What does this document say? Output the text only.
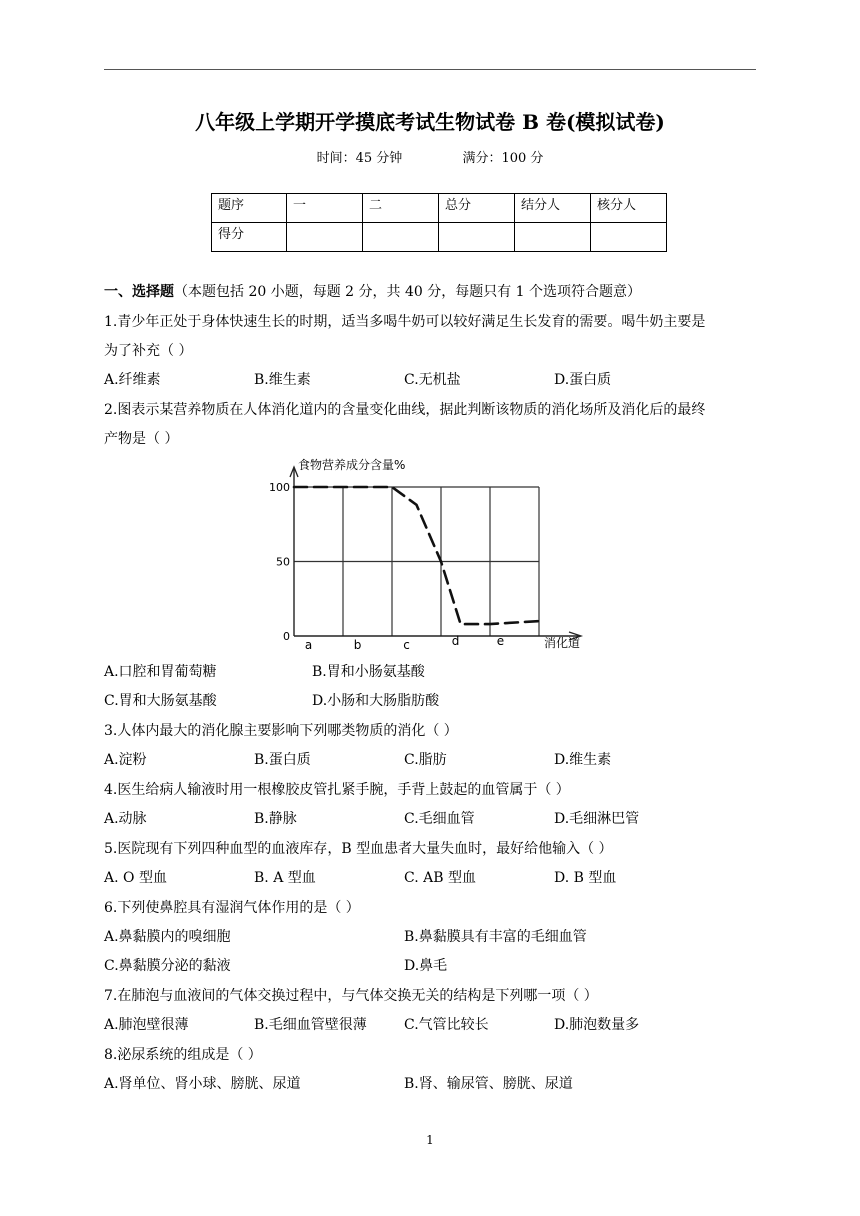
八年级上学期开学摸底考试生物试卷 B 卷(模拟试卷)
时间：45 分钟	满分：100 分
题序	一	二	总分	结分人	核分人
得分					
一、选择题（本题包括 20 小题，每题 2 分，共 40 分，每题只有 1 个选项符合题意）
1.青少年正处于身体快速生长的时期，适当多喝牛奶可以较好满足生长发育的需要。喝牛奶主要是
为了补充（ ）
A.纤维素	B.维生素	C.无机盐	D.蛋白质
2.图表示某营养物质在人体消化道内的含量变化曲线，据此判断该物质的消化场所及消化后的最终
产物是（ ）
0
50
100
a	b	c	d	e
食物营养成分含量%
消化道
A.口腔和胃葡萄糖	B.胃和小肠氨基酸
C.胃和大肠氨基酸	D.小肠和大肠脂肪酸
3.人体内最大的消化腺主要影响下列哪类物质的消化（ ）
A.淀粉	B.蛋白质	C.脂肪	D.维生素
4.医生给病人输液时用一根橡胶皮管扎紧手腕，手背上鼓起的血管属于（ ）
A.动脉	B.静脉	C.毛细血管	D.毛细淋巴管
5.医院现有下列四种血型的血液库存，B 型血患者大量失血时，最好给他输入（ ）
A. O 型血	B. A 型血	C. AB 型血	D. B 型血
6.下列使鼻腔具有湿润气体作用的是（ ）
A.鼻黏膜内的嗅细胞	B.鼻黏膜具有丰富的毛细血管
C.鼻黏膜分泌的黏液	D.鼻毛
7.在肺泡与血液间的气体交换过程中，与气体交换无关的结构是下列哪一项（ ）
A.肺泡壁很薄	B.毛细血管壁很薄	C.气管比较长	D.肺泡数量多
8.泌尿系统的组成是（ ）
A.肾单位、肾小球、膀胱、尿道	B.肾、输尿管、膀胱、尿道
1
